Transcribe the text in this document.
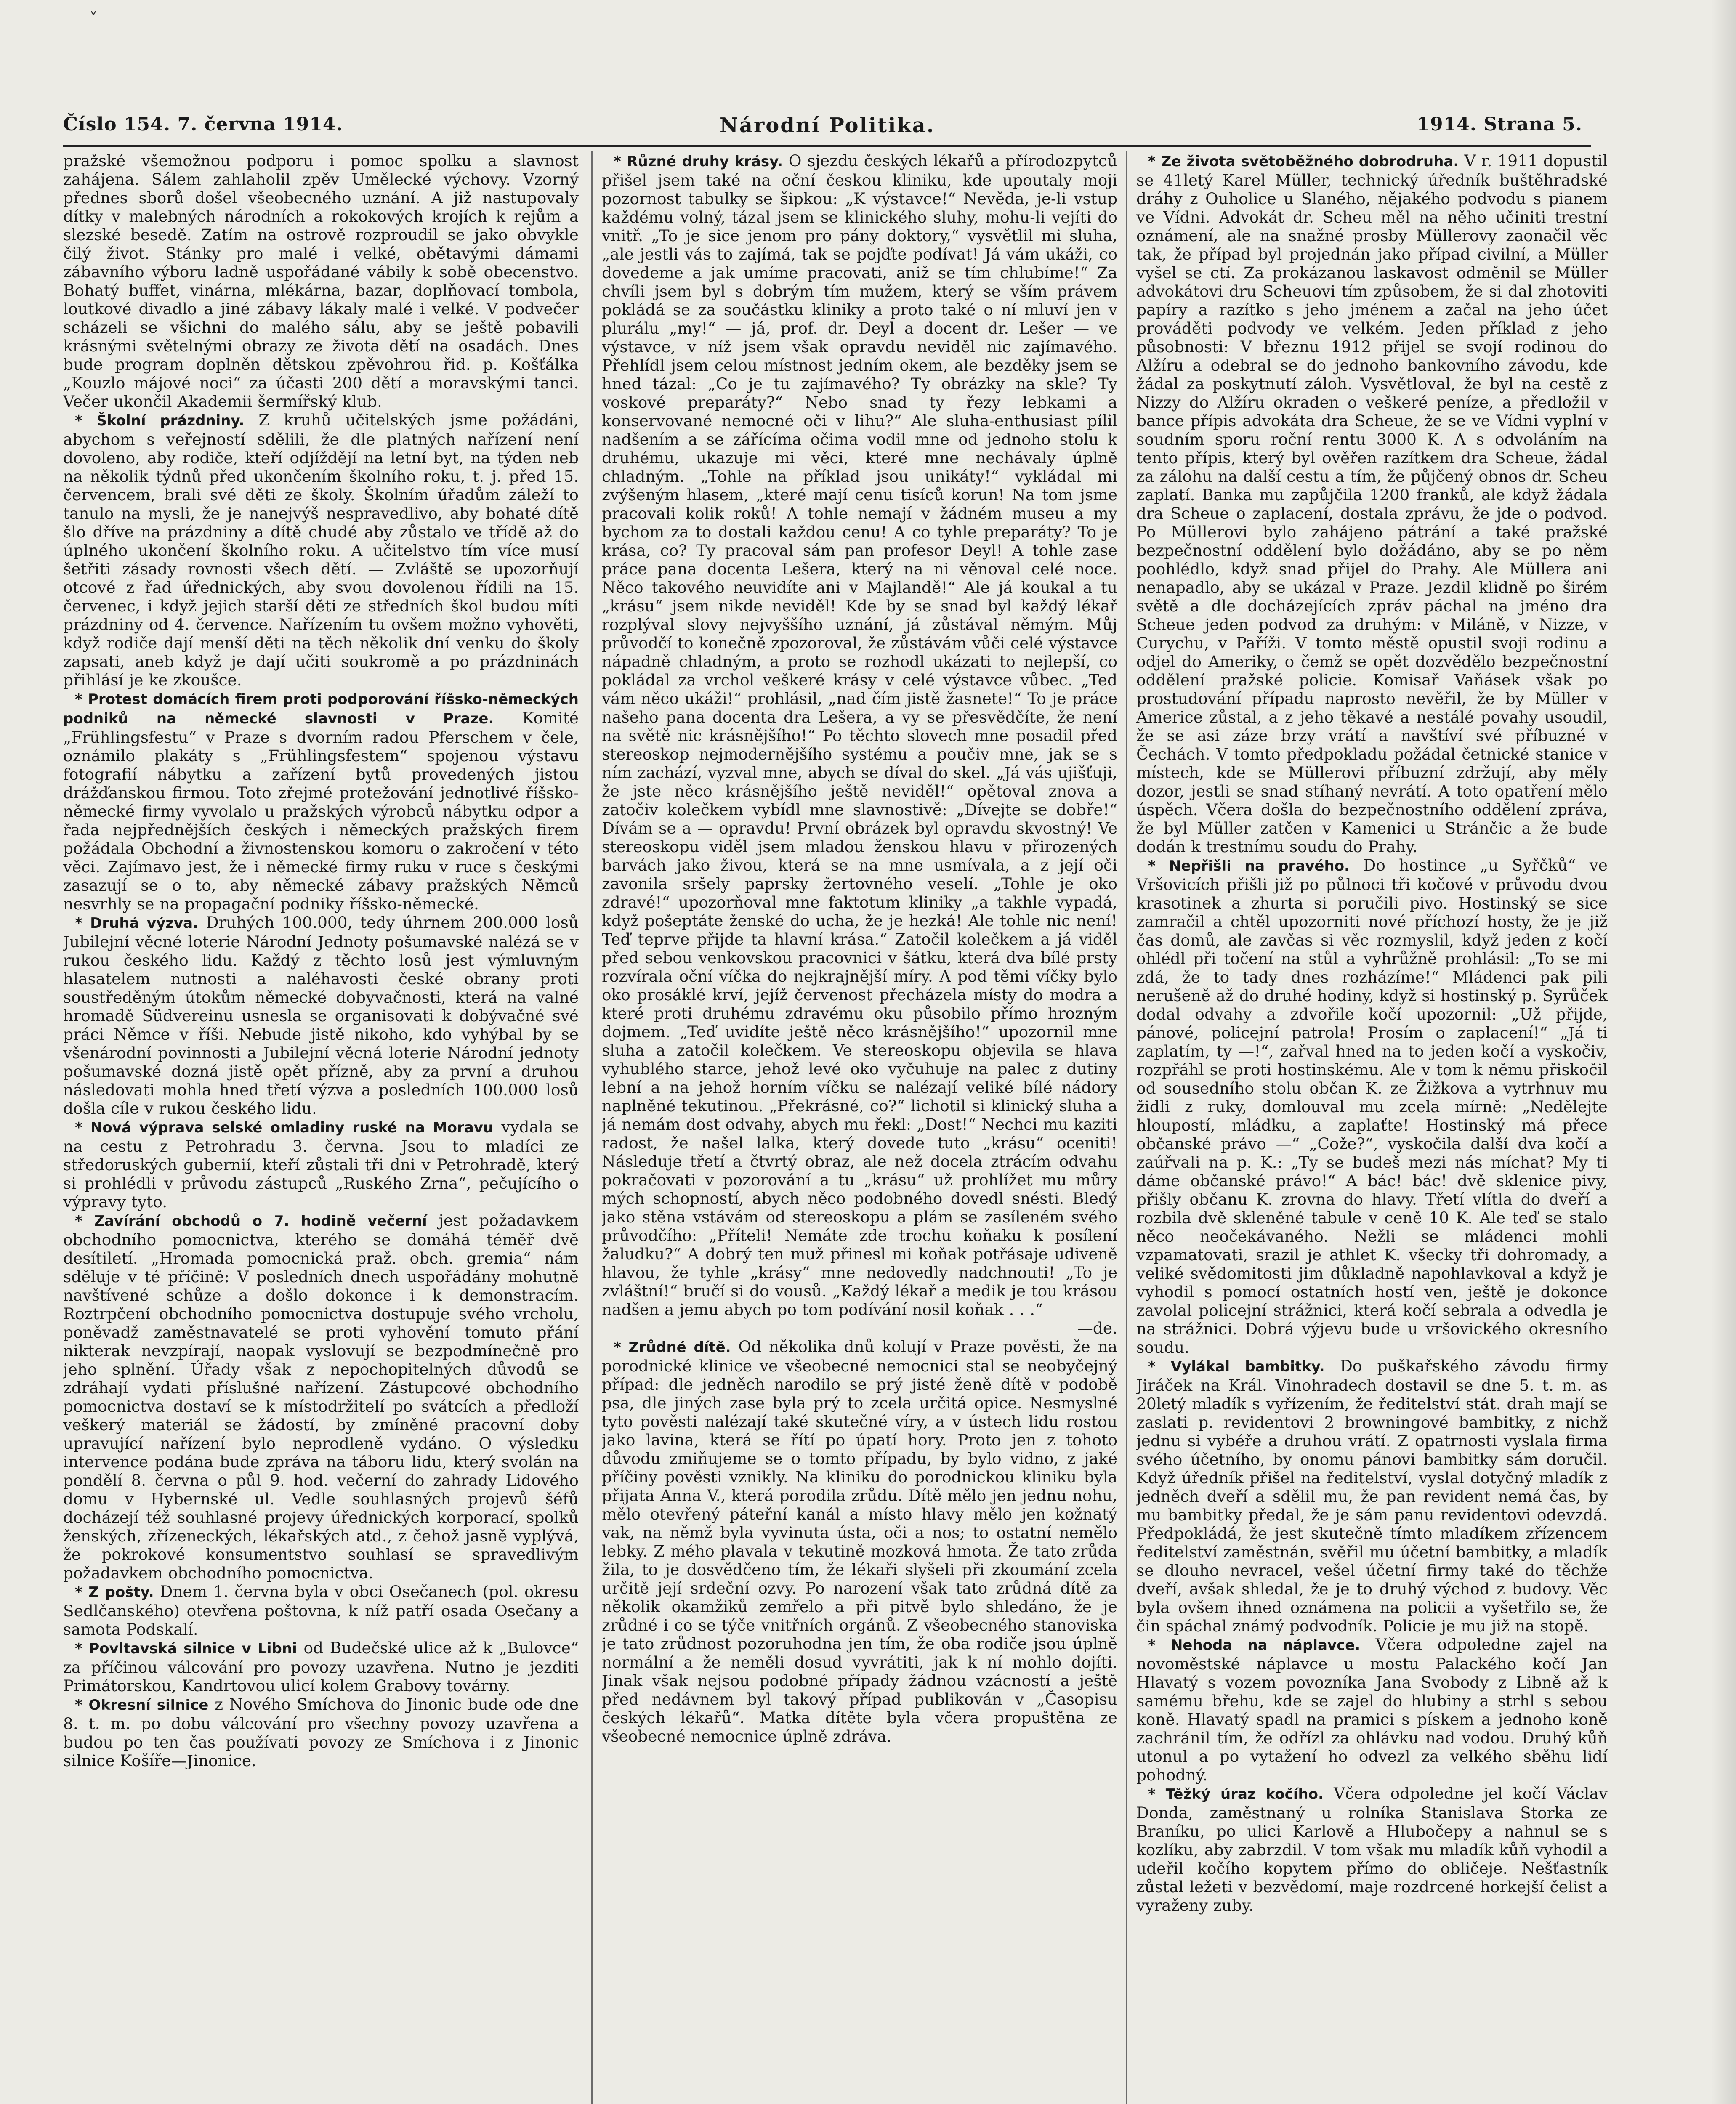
˅
Číslo 154. 7. června 1914.	Národní Politika.	1914. Strana 5.

pražské všemožnou podporu i pomoc spolku a slavnost zahájena. Sálem zahlaholil zpěv Umělecké výchovy. Vzorný přednes sborů došel všeobecného uznání. A již nastupovaly dítky v malebných národních a rokokových krojích k rejům a slezské besedě. Zatím na ostrově rozproudil se jako obvykle čilý život. Stánky pro malé i velké, obětavými dámami zábavního výboru ladně uspořádané vábily k sobě obecenstvo. Bohatý buffet, vinárna, mlékárna, bazar, doplňovací tombola, loutkové divadlo a jiné zábavy lákaly malé i velké. V podvečer scházeli se všichni do malého sálu, aby se ještě pobavili krásnými světelnými obrazy ze života dětí na osadách. Dnes bude program doplněn dětskou zpěvohrou řid. p. Košťálka „Kouzlo májové noci“ za účasti 200 dětí a moravskými tanci. Večer ukončil Akademii šermířský klub.

* Školní prázdniny. Z kruhů učitelských jsme požádáni, abychom s veřejností sdělili, že dle platných nařízení není dovoleno, aby rodiče, kteří odjíždějí na letní byt, na týden neb na několik týdnů před ukončením školního roku, t. j. před 15. červencem, brali své děti ze školy. Školním úřadům záleží to tanulo na mysli, že je nanejvýš nespravedlivo, aby bohaté dítě šlo dříve na prázdniny a dítě chudé aby zůstalo ve třídě až do úplného ukončení školního roku. A učitelstvo tím více musí šetřiti zásady rovnosti všech dětí. — Zvláště se upozorňují otcové z řad úřednických, aby svou dovolenou řídili na 15. červenec, i když jejich starší děti ze středních škol budou míti prázdniny od 4. července. Nařízením tu ovšem možno vyhověti, když rodiče dají menší děti na těch několik dní venku do školy zapsati, aneb když je dají učiti soukromě a po prázdninách přihlásí je ke zkoušce.

* Protest domácích firem proti podporování říšsko-německých podniků na německé slavnosti v Praze. Komité „Frühlingsfestu“ v Praze s dvorním radou Pferschem v čele, oznámilo plakáty s „Frühlingsfestem“ spojenou výstavu fotografií nábytku a zařízení bytů provedených jistou drážďanskou firmou. Toto zřejmé protežování jednotlivé říšsko-německé firmy vyvolalo u pražských výrobců nábytku odpor a řada nejpřednějších českých i německých pražských firem požádala Obchodní a živnostenskou komoru o zakročení v této věci. Zajímavo jest, že i německé firmy ruku v ruce s českými zasazují se o to, aby německé zábavy pražských Němců nesvrhly se na propagační podniky říšsko-německé.

* Druhá výzva. Druhých 100.000, tedy úhrnem 200.000 losů Jubilejní věcné loterie Národní Jednoty pošumavské nalézá se v rukou českého lidu. Každý z těchto losů jest výmluvným hlasatelem nutnosti a naléhavosti české obrany proti soustředěným útokům německé dobyvačnosti, která na valné hromadě Südvereinu usnesla se organisovati k dobývačné své práci Němce v říši. Nebude jistě nikoho, kdo vyhýbal by se všenárodní povinnosti a Jubilejní věcná loterie Národní jednoty pošumavské dozná jistě opět přízně, aby za první a druhou následovati mohla hned třetí výzva a posledních 100.000 losů došla cíle v rukou českého lidu.

* Nová výprava selské omladiny ruské na Moravu vydala se na cestu z Petrohradu 3. června. Jsou to mladíci ze středoruských gubernií, kteří zůstali tři dni v Petrohradě, který si prohlédli v průvodu zástupců „Ruského Zrna“, pečujícího o výpravy tyto.

* Zavírání obchodů o 7. hodině večerní jest požadavkem obchodního pomocnictva, kterého se domáhá téměř dvě desítiletí. „Hromada pomocnická praž. obch. gremia“ nám sděluje v té příčině: V posledních dnech uspořádány mohutně navštívené schůze a došlo dokonce i k demonstracím. Roztrpčení obchodního pomocnictva dostupuje svého vrcholu, poněvadž zaměstnavatelé se proti vyhovění tomuto přání nikterak nevzpírají, naopak vyslovují se bezpodmínečně pro jeho splnění. Úřady však z nepochopitelných důvodů se zdráhají vydati příslušné nařízení. Zástupcové obchodního pomocnictva dostaví se k místodržitelí po svátcích a předloží veškerý materiál se žádostí, by zmíněné pracovní doby upravující nařízení bylo neprodleně vydáno. O výsledku intervence podána bude zpráva na táboru lidu, který svolán na pondělí 8. června o půl 9. hod. večerní do zahrady Lidového domu v Hybernské ul. Vedle souhlasných projevů šéfů docházejí též souhlasné projevy úřednických korporací, spolků ženských, zřízeneckých, lékařských atd., z čehož jasně vyplývá, že pokrokové konsumentstvo souhlasí se spravedlivým požadavkem obchodního pomocnictva.

* Z pošty. Dnem 1. června byla v obci Osečanech (pol. okresu Sedlčanského) otevřena poštovna, k níž patří osada Osečany a samota Podskalí.

* Povltavská silnice v Libni od Budečské ulice až k „Bulovce“ za příčinou válcování pro povozy uzavřena. Nutno je jezditi Primátorskou, Kandrtovou ulicí kolem Grabovy továrny.

* Okresní silnice z Nového Smíchova do Jinonic bude ode dne 8. t. m. po dobu válcování pro všechny povozy uzavřena a budou po ten čas používati povozy ze Smíchova i z Jinonic silnice Košíře—Jinonice.

* Různé druhy krásy. O sjezdu českých lékařů a přírodozpytců přišel jsem také na oční českou kliniku, kde upoutaly moji pozornost tabulky se šipkou: „K výstavce!“ Nevěda, je-li vstup každému volný, tázal jsem se klinického sluhy, mohu-li vejíti do vnitř. „To je sice jenom pro pány doktory,“ vysvětlil mi sluha, „ale jestli vás to zajímá, tak se pojďte podívat! Já vám ukáži, co dovedeme a jak umíme pracovati, aniž se tím chlubíme!“ Za chvíli jsem byl s dobrým tím mužem, který se vším právem pokládá se za součástku kliniky a proto také o ní mluví jen v plurálu „my!“ — já, prof. dr. Deyl a docent dr. Lešer — ve výstavce, v níž jsem však opravdu neviděl nic zajímavého. Přehlídl jsem celou místnost jedním okem, ale bezděky jsem se hned tázal: „Co je tu zajímavého? Ty obrázky na skle? Ty voskové preparáty?“ Nebo snad ty řezy lebkami a konservované nemocné oči v lihu?“ Ale sluha-enthusiast pílil nadšením a se zářícíma očima vodil mne od jednoho stolu k druhému, ukazuje mi věci, které mne nechávaly úplně chladným. „Tohle na příklad jsou unikáty!“ vykládal mi zvýšeným hlasem, „které mají cenu tisíců korun! Na tom jsme pracovali kolik roků! A tohle nemají v žádném museu a my bychom za to dostali každou cenu! A co tyhle preparáty? To je krása, co? Ty pracoval sám pan profesor Deyl! A tohle zase práce pana docenta Lešera, který na ni věnoval celé noce. Něco takového neuvidíte ani v Majlandě!“ Ale já koukal a tu „krásu“ jsem nikde neviděl! Kde by se snad byl každý lékař rozplýval slovy nejvyššího uznání, já zůstával němým. Můj průvodčí to konečně zpozoroval, že zůstávám vůči celé výstavce nápadně chladným, a proto se rozhodl ukázati to nejlepší, co pokládal za vrchol veškeré krásy v celé výstavce vůbec. „Teď vám něco ukáži!“ prohlásil, „nad čím jistě žasnete!“ To je práce našeho pana docenta dra Lešera, a vy se přesvědčíte, že není na světě nic krásnějšího!“ Po těchto slovech mne posadil před stereoskop nejmodernějšího systému a poučiv mne, jak se s ním zachází, vyzval mne, abych se díval do skel. „Já vás ujišťuji, že jste něco krásnějšího ještě neviděl!“ opětoval znova a zatočiv kolečkem vybídl mne slavnostivě: „Dívejte se dobře!“ Dívám se a — opravdu! První obrázek byl opravdu skvostný! Ve stereoskopu viděl jsem mladou ženskou hlavu v přirozených barvách jako živou, která se na mne usmívala, a z její oči zavonila sršely paprsky žertovného veselí. „Tohle je oko zdravé!“ upozorňoval mne faktotum kliniky „a takhle vypadá, když pošeptáte ženské do ucha, že je hezká! Ale tohle nic není! Teď teprve přijde ta hlavní krása.“ Zatočil kolečkem a já viděl před sebou venkovskou pracovnici v šátku, která dva bílé prsty rozvírala oční víčka do nejkrajnější míry. A pod těmi víčky bylo oko prosáklé krví, jejíž červenost přecházela místy do modra a které proti druhému zdravému oku působilo přímo hrozným dojmem. „Teď uvidíte ještě něco krásnějšího!“ upozornil mne sluha a zatočil kolečkem. Ve stereoskopu objevila se hlava vyhublého starce, jehož levé oko vyčuhuje na palec z dutiny lební a na jehož horním víčku se nalézají veliké bílé nádory naplněné tekutinou. „Překrásné, co?“ lichotil si klinický sluha a já nemám dost odvahy, abych mu řekl: „Dost!“ Nechci mu kaziti radost, že našel lalka, který dovede tuto „krásu“ oceniti! Následuje třetí a čtvrtý obraz, ale než docela ztrácím odvahu pokračovati v pozorování a tu „krásu“ už prohlížet mu můry mých schopností, abych něco podobného dovedl snésti. Bledý jako stěna vstávám od stereoskopu a plám se zasíleném svého průvodčího: „Příteli! Nemáte zde trochu koňaku k posílení žaludku?“ A dobrý ten muž přinesl mi koňak potřásaje udiveně hlavou, že tyhle „krásy“ mne nedovedly nadchnouti! „To je zvláštní!“ bručí si do vousů. „Každý lékař a medik je tou krásou nadšen a jemu abych po tom podívání nosil koňak . . .“

—de.

* Zrůdné dítě. Od několika dnů kolují v Praze pověsti, že na porodnické klinice ve všeobecné nemocnici stal se neobyčejný případ: dle jedněch narodilo se prý jisté ženě dítě v podobě psa, dle jiných zase byla prý to zcela určitá opice. Nesmyslné tyto pověsti nalézají také skutečné víry, a v ústech lidu rostou jako lavina, která se řítí po úpatí hory. Proto jen z tohoto důvodu zmiňujeme se o tomto případu, by bylo vidno, z jaké příčiny pověsti vznikly. Na kliniku do porodnickou kliniku byla přijata Anna V., která porodila zrůdu. Dítě mělo jen jednu nohu, mělo otevřený páteřní kanál a místo hlavy mělo jen kožnatý vak, na němž byla vyvinuta ústa, oči a nos; to ostatní nemělo lebky. Z mého plavala v tekutině mozková hmota. Že tato zrůda žila, to je dosvědčeno tím, že lékaři slyšeli při zkoumání zcela určitě její srdeční ozvy. Po narození však tato zrůdná dítě za několik okamžiků zemřelo a při pitvě bylo shledáno, že je zrůdné i co se týče vnitřních orgánů. Z všeobecného stanoviska je tato zrůdnost pozoruhodna jen tím, že oba rodiče jsou úplně normální a že neměli dosud vyvrátiti, jak k ní mohlo dojíti. Jinak však nejsou podobné případy žádnou vzácností a ještě před nedávnem byl takový případ publikován v „Časopisu českých lékařů“. Matka dítěte byla včera propuštěna ze všeobecné nemocnice úplně zdráva.

* Ze života světoběžného dobrodruha. V r. 1911 dopustil se 41letý Karel Müller, technický úředník buštěhradské dráhy z Ouholice u Slaného, nějakého podvodu s pianem ve Vídni. Advokát dr. Scheu měl na něho učiniti trestní oznámení, ale na snažné prosby Müllerovy zaonačil věc tak, že případ byl projednán jako případ civilní, a Müller vyšel se ctí. Za prokázanou laskavost odměnil se Müller advokátovi dru Scheuovi tím způsobem, že si dal zhotoviti papíry a razítko s jeho jménem a začal na jeho účet prováděti podvody ve velkém. Jeden příklad z jeho působnosti: V březnu 1912 přijel se svojí rodinou do Alžíru a odebral se do jednoho bankovního závodu, kde žádal za poskytnutí záloh. Vysvětloval, že byl na cestě z Nizzy do Alžíru okraden o veškeré peníze, a předložil v bance přípis advokáta dra Scheue, že se ve Vídni vyplní v soudním sporu roční rentu 3000 K. A s odvoláním na tento přípis, který byl ověřen razítkem dra Scheue, žádal za zálohu na další cestu a tím, že půjčený obnos dr. Scheu zaplatí. Banka mu zapůjčila 1200 franků, ale když žádala dra Scheue o zaplacení, dostala zprávu, že jde o podvod. Po Müllerovi bylo zahájeno pátrání a také pražské bezpečnostní oddělení bylo dožádáno, aby se po něm poohlédlo, když snad přijel do Prahy. Ale Müllera ani nenapadlo, aby se ukázal v Praze. Jezdil klidně po širém světě a dle docházejících zpráv páchal na jméno dra Scheue jeden podvod za druhým: v Miláně, v Nizze, v Curychu, v Paříži. V tomto městě opustil svoji rodinu a odjel do Ameriky, o čemž se opět dozvědělo bezpečnostní oddělení pražské policie. Komisař Vaňásek však po prostudování případu naprosto nevěřil, že by Müller v Americe zůstal, a z jeho těkavé a nestálé povahy usoudil, že se asi záze brzy vrátí a navštíví své příbuzné v Čechách. V tomto předpokladu požádal četnické stanice v místech, kde se Müllerovi příbuzní zdržují, aby měly dozor, jestli se snad stíhaný nevrátí. A toto opatření mělo úspěch. Včera došla do bezpečnostního oddělení zpráva, že byl Müller zatčen v Kamenici u Stránčic a že bude dodán k trestnímu soudu do Prahy.

* Nepřišli na pravého. Do hostince „u Syřčků“ ve Vršovicích přišli již po půlnoci tři kočové v průvodu dvou krasotinek a zhurta si poručili pivo. Hostinský se sice zamračil a chtěl upozorniti nové příchozí hosty, že je již čas domů, ale zavčas si věc rozmyslil, když jeden z kočí ohlédl při točení na stůl a vyhrůžně prohlásil: „To se mi zdá, že to tady dnes rozházíme!“ Mládenci pak pili nerušeně až do druhé hodiny, když si hostinský p. Syrůček dodal odvahy a zdvořile kočí upozornil: „Už přijde, pánové, policejní patrola! Prosím o zaplacení!“ „Já ti zaplatím, ty —!“, zařval hned na to jeden kočí a vyskočiv, rozpřáhl se proti hostinskému. Ale v tom k němu přiskočil od sousedního stolu občan K. ze Žižkova a vytrhnuv mu židli z ruky, domlouval mu zcela mírně: „Nedělejte hloupostí, mládku, a zaplaťte! Hostinský má přece občanské právo —“ „Cože?“, vyskočila další dva kočí a zaúřvali na p. K.: „Ty se budeš mezi nás míchat? My ti dáme občanské právo!“ A bác! bác! dvě sklenice pivy, přišly občanu K. zrovna do hlavy. Třetí vlítla do dveří a rozbila dvě skleněné tabule v ceně 10 K. Ale teď se stalo něco neočekávaného. Nežli se mládenci mohli vzpamatovati, srazil je athlet K. všecky tři dohromady, a veliké svědomitosti jim důkladně napohlavkoval a když je vyhodil s pomocí ostatních hostí ven, ještě je dokonce zavolal policejní strážnici, která kočí sebrala a odvedla je na strážnici. Dobrá výjevu bude u vršovického okresního soudu.

* Vylákal bambitky. Do puškařského závodu firmy Jiráček na Král. Vinohradech dostavil se dne 5. t. m. as 20letý mladík s vyřízením, že ředitelství stát. drah mají se zaslati p. revidentovi 2 browningové bambitky, z nichž jednu si vybéře a druhou vrátí. Z opatrnosti vyslala firma svého účetního, by onomu pánovi bambitky sám doručil. Když úředník přišel na ředitelství, vyslal dotyčný mladík z jedněch dveří a sdělil mu, že pan revident nemá čas, by mu bambitky předal, že je sám panu revidentovi odevzdá. Předpokládá, že jest skutečně tímto mladíkem zřízencem ředitelství zaměstnán, svěřil mu účetní bambitky, a mladík se dlouho nevracel, vešel účetní firmy také do těchže dveří, avšak shledal, že je to druhý východ z budovy. Věc byla ovšem ihned oznámena na policii a vyšetřilo se, že čin spáchal známý podvodník. Policie je mu již na stopě.

* Nehoda na náplavce. Včera odpoledne zajel na novoměstské náplavce u mostu Palackého kočí Jan Hlavatý s vozem povozníka Jana Svobody z Libně až k samému břehu, kde se zajel do hlubiny a strhl s sebou koně. Hlavatý spadl na pramici s pískem a jednoho koně zachránil tím, že odřízl za ohlávku nad vodou. Druhý kůň utonul a po vytažení ho odvezl za velkého sběhu lidí pohodný.

* Těžký úraz kočího. Včera odpoledne jel kočí Václav Donda, zaměstnaný u rolníka Stanislava Storka ze Braníku, po ulici Karlově a Hlubočepy a nahnul se s kozlíku, aby zabrzdil. V tom však mu mladík kůň vyhodil a udeřil kočího kopytem přímo do obličeje. Nešťastník zůstal ležeti v bezvědomí, maje rozdrcené horkejší čelist a vyraženy zuby.
